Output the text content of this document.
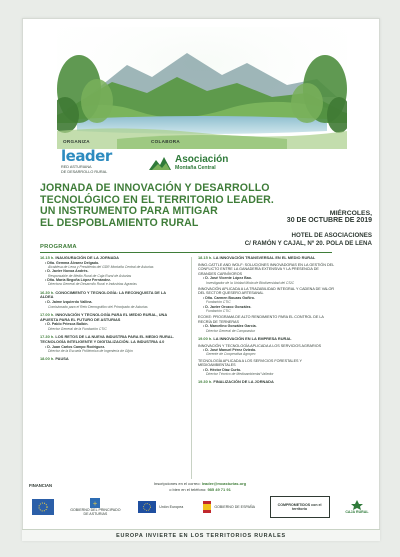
ORGANIZA	COLABORA
leader
RED ASTURIANA
DE DESARROLLO RURAL
Asociación
Montaña Central
JORNADA DE INNOVACIÓN Y DESARROLLO
TECNOLÓGICO EN EL TERRITORIO LEADER.
UN INSTRUMENTO PARA MITIGAR
EL DESPOBLAMIENTO RURAL
MIÉRCOLES,
30 DE OCTUBRE DE 2019
HOTEL DE ASOCIACIONES
C/ RAMÓN Y CAJAL, Nº 20. POLA DE LENA
PROGRAMA
16.15 h. INAUGURACIÓN DE LA JORNADA
• Dña. Gemma Álvarez Delgado.
Alcaldesa de Lena y Presidenta del GDR Montaña Central de Asturias
• D. Javier Novoa Andrés.
Responsable de Medio Rural de Caja Rural de Asturias
• Dña. María Begoña López Fernández.
Directora General de Desarrollo Rural e Industrias Agrarias
16.30 h. CONOCIMIENTO Y TECNOLOGÍA: LA RECONQUISTA DE LA ALDEA
• D. Jaime Izquierdo Vallina.
Comisionado para el Reto Demográfico del Principado de Asturias
17.00 h. INNOVACIÓN Y TECNOLOGÍA PARA EL MEDIO RURAL, UNA APUESTA PARA EL FUTURO DE ASTURIAS
• D. Pablo Priesca Balbín.
Director General de la Fundación CTIC
17.30 h. LOS RETOS DE LA NUEVA INDUSTRIA PARA EL MEDIO RURAL. TECNOLOGÍA INTELIGENTE Y DIGITALIZACIÓN. LA INDUSTRIA 4.0
• D. Juan Carlos Campo Rodríguez.
Director de la Escuela Politécnica de Ingeniería de Gijón
18.00 h. PAUSA
18.15 h. LA INNOVACIÓN TRANSVERSAL EN EL MEDIO RURAL
INNO-CATTLE AND WOLF: SOLUCIONES INNOVADORAS EN LA GESTIÓN DEL CONFLICTO ENTRE LA GANADERÍA EXTENSIVA Y LA PRESENCIA DE GRANDES CARNÍVOROS
• D. José Vicente López Bao.
Investigador de la Unidad Mixta de Biodiversidad del CSIC
INNOVACIÓN APLICADA A LA TRAZABILIDAD INTEGRAL Y CADENA DE VALOR DEL SECTOR QUESERO ARTESANAL
• Dña. Carmen Bouzas Goñiro.
Fundación CTIC
• D. Javier Orozco González.
Fundación CTIC
ECOKE: PROGRAMA DE ALTO RENDIMIENTO PARA EL CONTROL DE LA RECRÍA DE TERNERAS
• D. Marcelino González García.
Director General de Campoastur
19.00 h. LA INNOVACIÓN EN LA EMPRESA RURAL
INNOVACIÓN Y TECNOLOGÍA APLICADA A LOS SERVICIOS AGRARIOS
• D. José Manuel Pérez Oviedo.
Gerente de Cooperativa Agropec
TECNOLOGÍA APLICADA A LOS SERVICIOS FORESTALES Y MEDIOAMBIENTALES
• D. Héctor Díaz Curto.
Director Técnico de Medioambiental Valledor
19.30 h. FINALIZACIÓN DE LA JORNADA
Inscripciones en el correo: leader@mcasturias.org
o bien en el teléfono: 985 49 71 91
FINANCIAN
+
GOBIERNO DEL PRINCIPADO DE ASTURIAS
Unión Europea	GOBIERNO DE ESPAÑA
COMPROMETIDOS con el territorio
CAJA RURAL
EUROPA INVIERTE EN LOS TERRITORIOS RURALES
